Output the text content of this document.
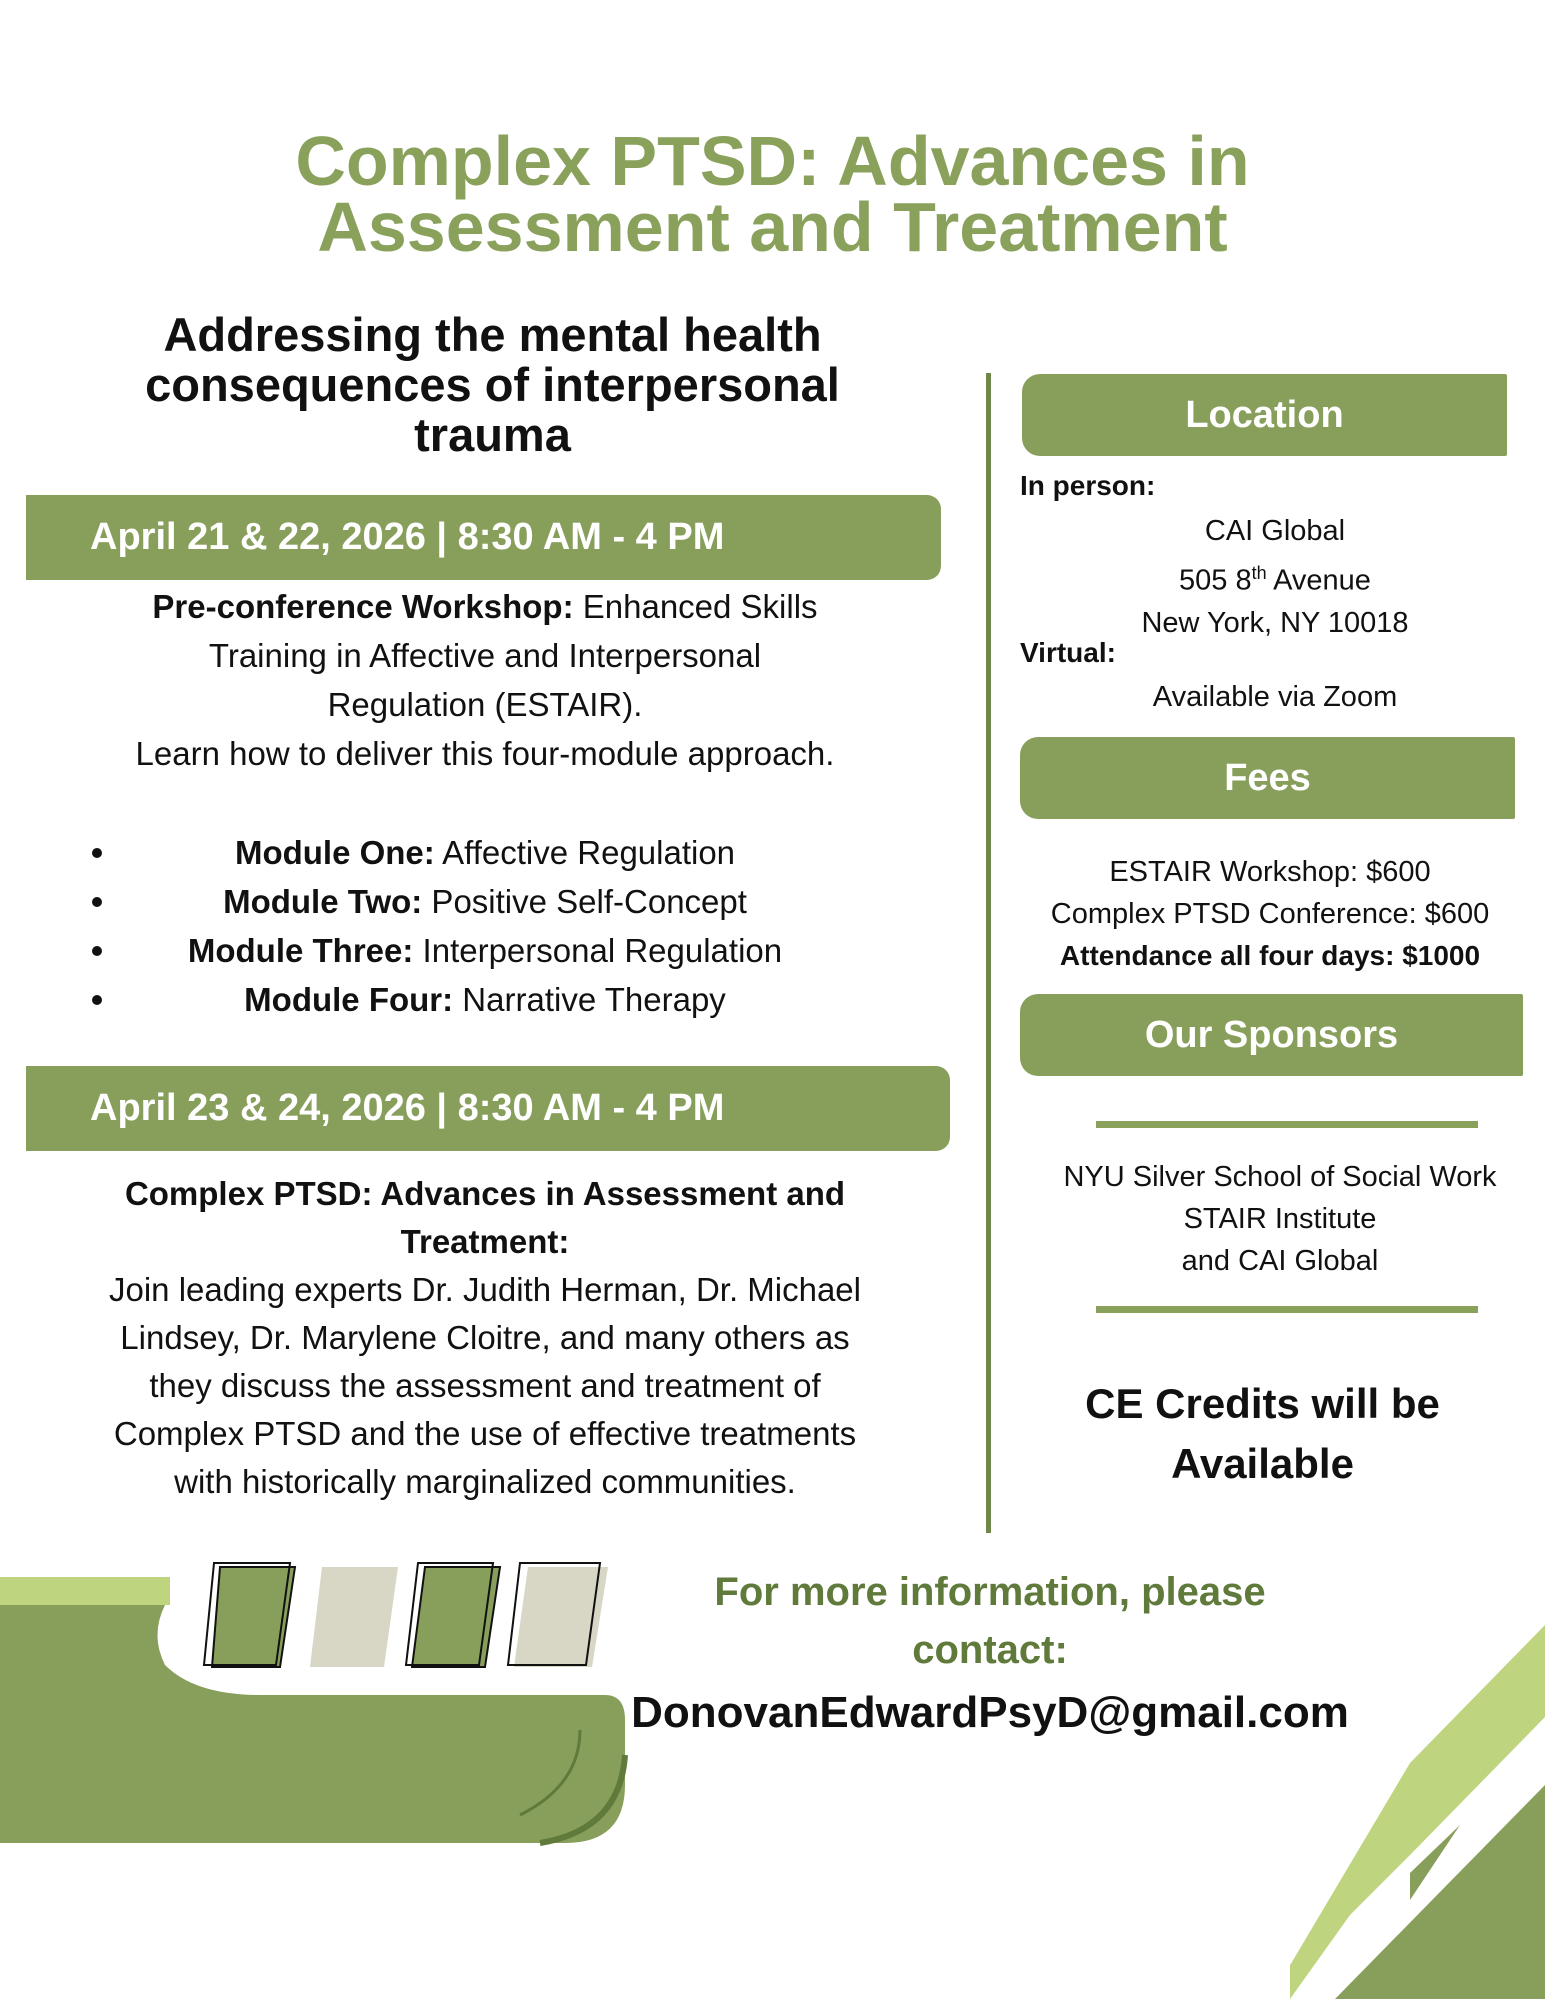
Complex PTSD: Advances in
Assessment and Treatment
Addressing the mental health
consequences of interpersonal
trauma
April 21 & 22, 2026 | 8:30 AM - 4 PM
Pre-conference Workshop: Enhanced Skills
Training in Affective and Interpersonal
Regulation (ESTAIR).
Learn how to deliver this four-module approach.
Module One: Affective Regulation
Module Two: Positive Self-Concept
Module Three: Interpersonal Regulation
Module Four: Narrative Therapy
April 23 & 24, 2026 | 8:30 AM - 4 PM
Complex PTSD: Advances in Assessment and
Treatment:
Join leading experts Dr. Judith Herman, Dr. Michael
Lindsey, Dr. Marylene Cloitre, and many others as
they discuss the assessment and treatment of
Complex PTSD and the use of effective treatments
with historically marginalized communities.
Location
In person:
CAI Global
505 8th Avenue
New York, NY 10018
Virtual:
Available via Zoom
Fees
ESTAIR Workshop: $600
Complex PTSD Conference: $600
Attendance all four days: $1000
Our Sponsors
NYU Silver School of Social Work
STAIR Institute
and CAI Global
CE Credits will be
Available
For more information, please
contact:
DonovanEdwardPsyD@gmail.com
